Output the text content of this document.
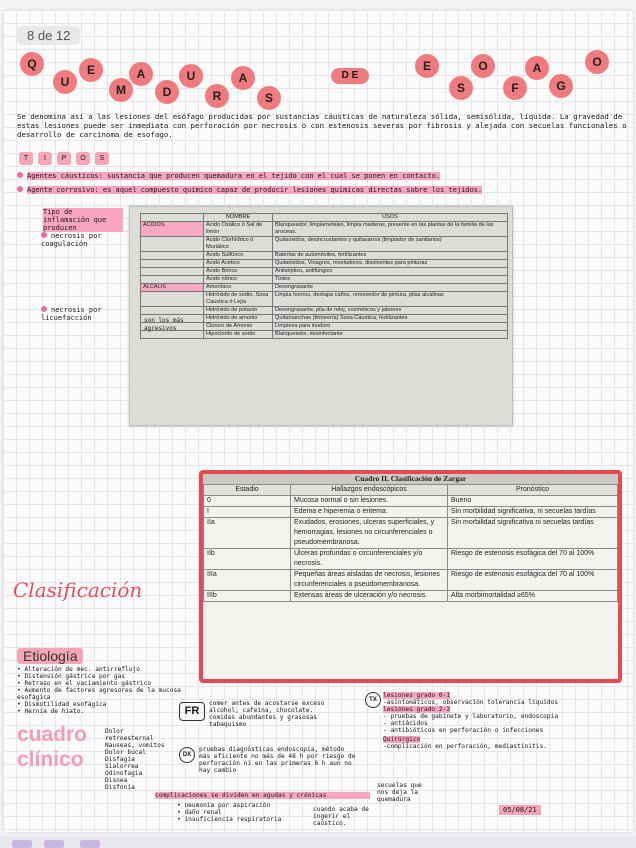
8 de 12
Q
U
E
M
A
D
U
R
A
S
E
S
O
F
A
G
O
D E
Se denomina así a las lesiones del esófago producidas por sustancias cáusticas de naturaleza sólida, semisólida, líquida. La gravedad de estas lesiones puede ser inmediata con perforación por necrosis o con estenosis severas por fibrosis y alejada con secuelas funcionales o desarrollo de carcinoma de esofago.
T	I	P	O	S
Agentes cáusticos: sustancia que producen quemadura en el tejido con el cual se ponen en contacto.
Agente corrosivo: es aquel compuesto químico capaz de producir lesiones químicas directas sobre los tejidos.
Tipo de inflamación que producen
necrosis por coagulación
necrosis por licuefacción
	NOMBRE	USOS
ÁCIDOS	Ácido Oxálico ó Sal de limón	Blanqueador, limpiametales, limpia maderas, presente en las plantas de la familia de las aroceas.
	Ácido Clorhídrico ó Muriático	Quitaóxidos, desincrustantes y quitasarros (limpiador de sanitarios)
	Ácido Sulfúrico	Baterías de automóviles, fertilizantes
	Ácido Acético	Quitaóxidos, Vinagres, reveladores, disolventes para pinturas
	Ácido Bórico	Antiséptico, antifúngico
	Ácido nítrico	Tintes
ALCALIS	Amoníaco	Desengrasante
	Hidróxido de sodio, Sosa Cáustica ó Lejía	Limpia hornos, destapa caños, removedor de pintura, pilas alcalinas
	Hidróxido de potasio	Desengrasante, pila de reloj, cosméticos y jabones
	Hidróxido de amonio	Quitamanchas (tintorería) Sosa Cáustica, fertilizantes
	Cloruro de Amonio	Limpieza para inodoro
	Hipoclorito de sodio	Blanqueador, desinfectante
son los más agresivos
Cuadro II. Clasificación de Zargar
Estadio	Hallazgos endoscópicos	Pronóstico
0	Mucosa normal o sin lesiones.	Bueno
I	Edema e hiperemia o eritema.	Sin morbilidad significativa, ni secuelas tardías
IIa	Exudados, erosiones, ulceras superficiales, y hemorragias, lesiones no circunferenciales o pseudomembranosa.	Sin morbilidad significativa ni secuelas tardías
IIb	Ulceras profundas o circunferenciales y/o necrosis.	Riesgo de estenosis esofágica del 70 al 100%
IIIa	Pequeñas áreas aisladas de necrosis, lesiones circunferenciales o pseudomembranosa.	Riesgo de estenosis esofágica del 70 al 100%
IIIb	Extensas áreas de ulceración y/o necrosis.	Alta morbimortalidad ≥65%
Clasificación
Etiología
• Alteración de mec. antirreflujo
• Distensión gástrica por gas
• Retraso en el vaciamiento gástrico
• Aumento de factores agresores de la mucosa esofágica
• Dismotilidad esofágica
• Hernia de hiato.
cuadro clínico
Dolor retroesternal
Nauseas, vomitos
Dolor bucal
Disfagia
Sialorrea
Odinofagia
Disnea
Disfonía
FR
comer antes de acostarse exceso alcohol, cafeína, chocolate. comidas abundantes y grasosas tabaquismo
DX
pruebas diagnósticas endoscopía, método más eficiente no más de 48 h por riesgo de perforación ni en las primeras 6 h aun no hay cambio
TX
lesiones grado 0-1
-asintomáticos, observación tolerancia líquidos
lesiones grado 2-3
- pruebas de gabinete y laboratorio, endoscopia
- antiácidos
- antibióticos en perforación o infecciones
Quirúrgico
-complicación en perforación, mediastinitis.
complicaciones se dividen en agudas y crónicas
• neumonía por aspiración
• daño renal
• insuficiencia respiratoria
cuando acaba de ingerir el caústico.
secuelas que nos deja la quemadura
05/08/21
